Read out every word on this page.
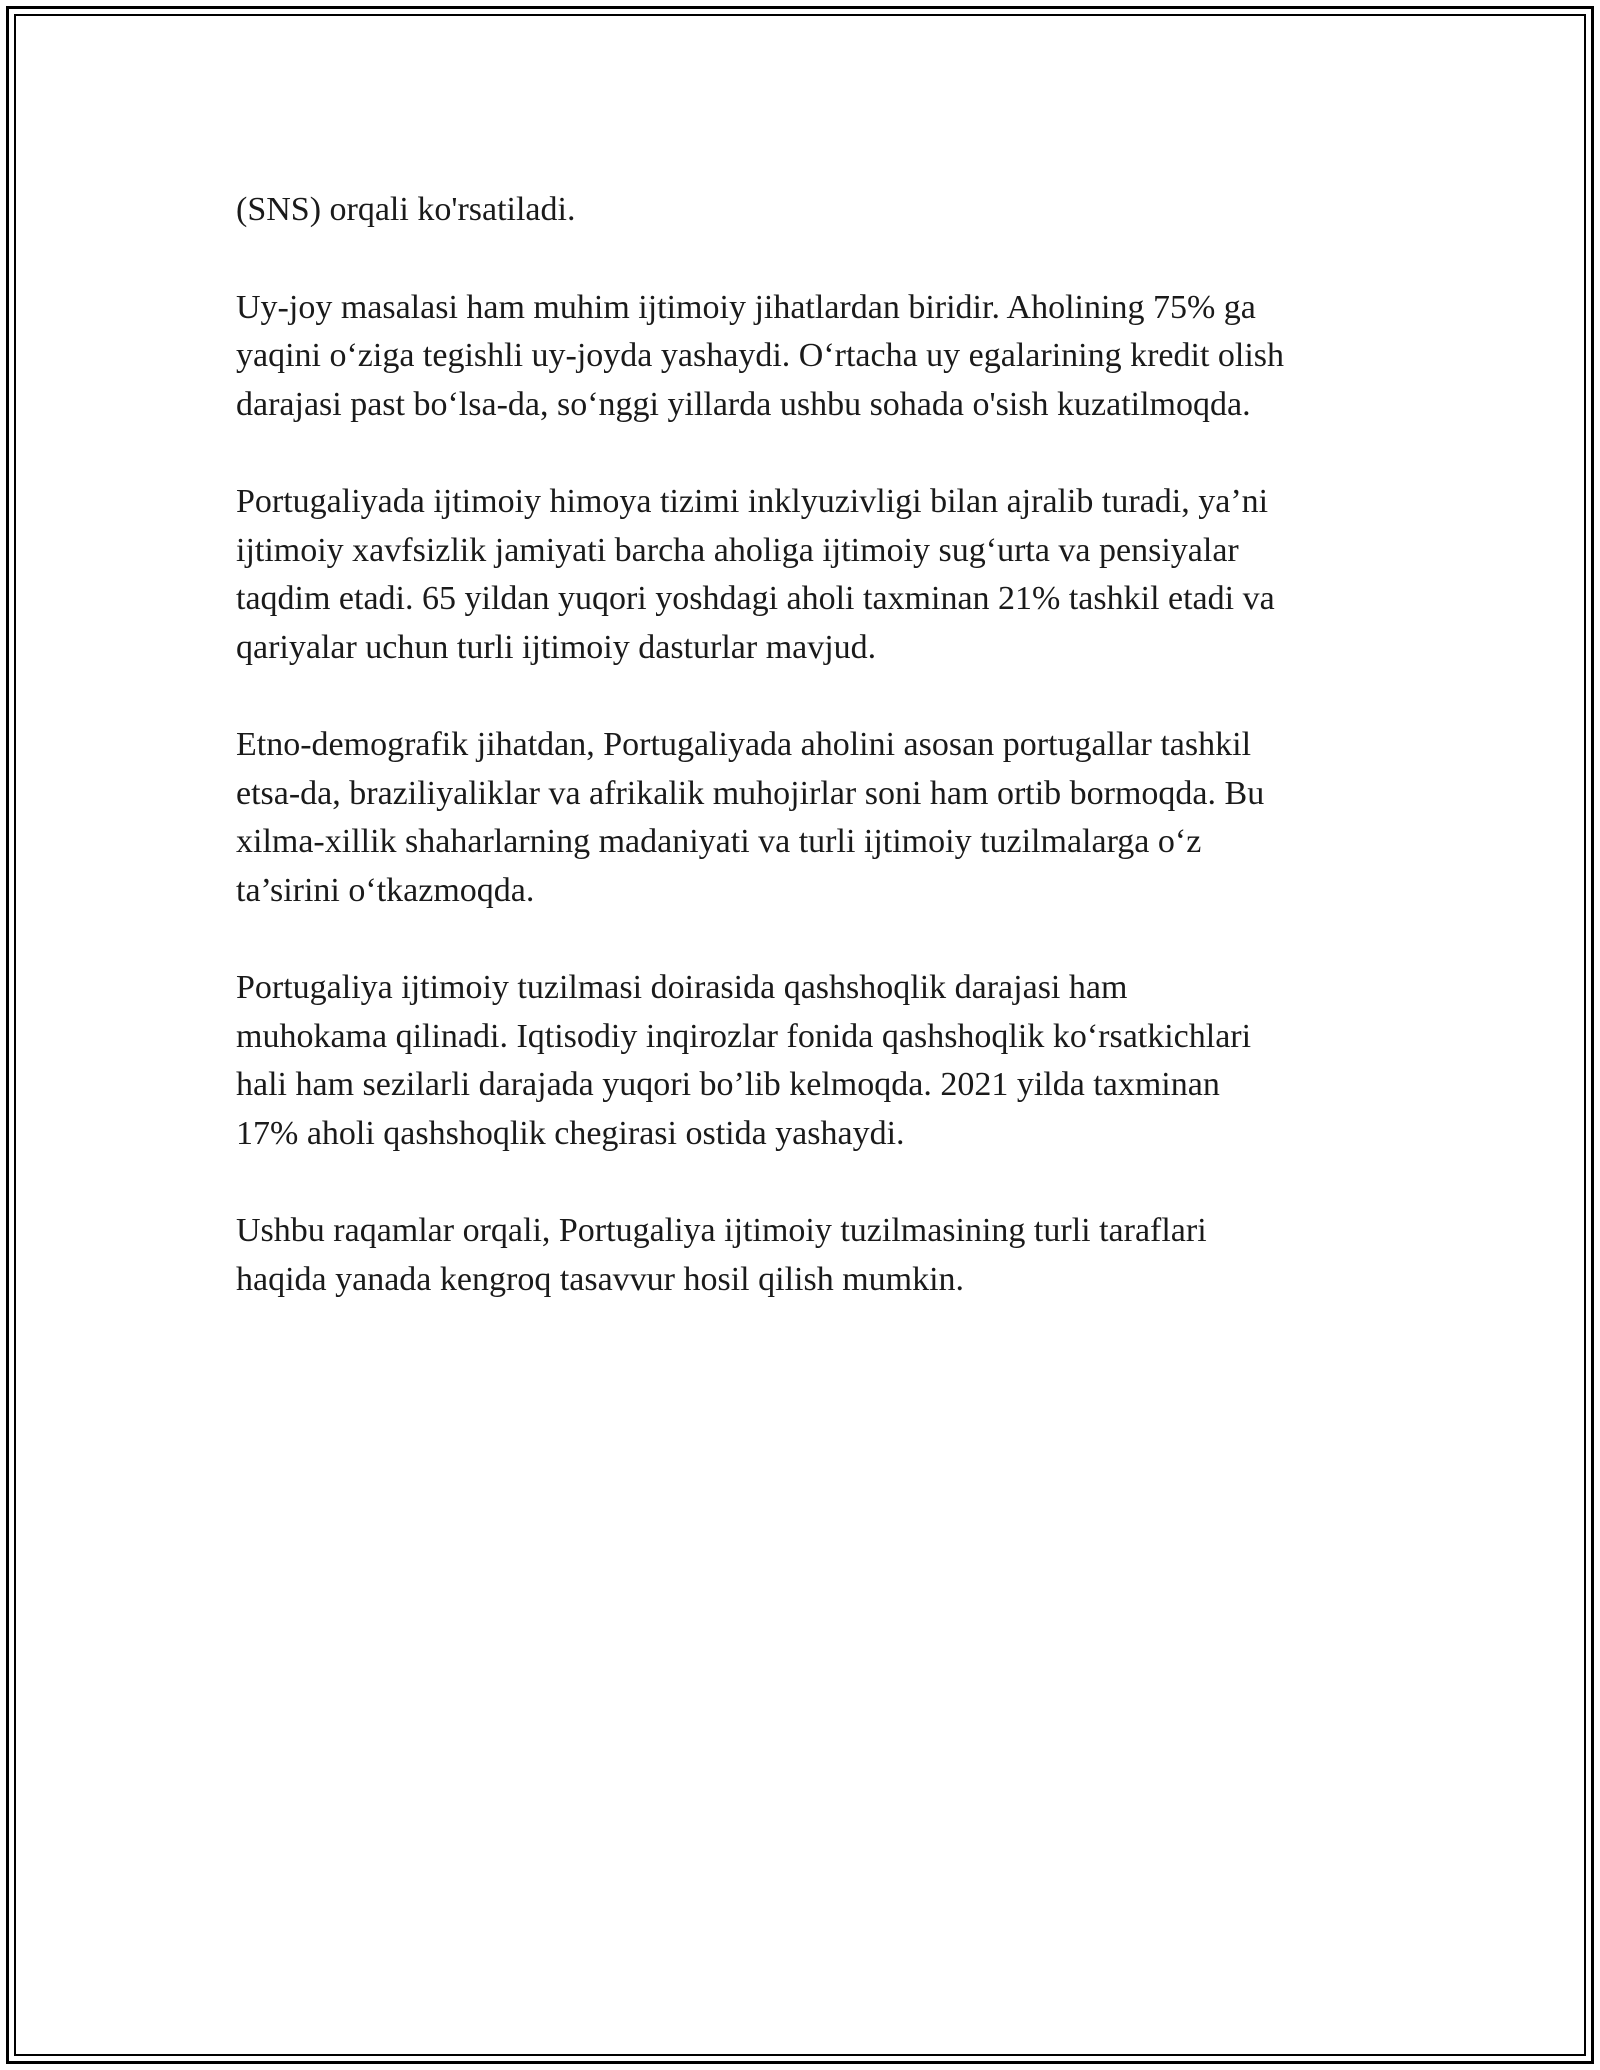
(SNS) orqali ko'rsatiladi.

Uy-joy masalasi ham muhim ijtimoiy jihatlardan biridir. Aholining 75% ga
yaqini o‘ziga tegishli uy-joyda yashaydi. O‘rtacha uy egalarining kredit olish
darajasi past bo‘lsa-da, so‘nggi yillarda ushbu sohada o'sish kuzatilmoqda.

Portugaliyada ijtimoiy himoya tizimi inklyuzivligi bilan ajralib turadi, ya’ni
ijtimoiy xavfsizlik jamiyati barcha aholiga ijtimoiy sug‘urta va pensiyalar
taqdim etadi. 65 yildan yuqori yoshdagi aholi taxminan 21% tashkil etadi va
qariyalar uchun turli ijtimoiy dasturlar mavjud.

Etno-demografik jihatdan, Portugaliyada aholini asosan portugallar tashkil
etsa-da, braziliyaliklar va afrikalik muhojirlar soni ham ortib bormoqda. Bu
xilma-xillik shaharlarning madaniyati va turli ijtimoiy tuzilmalarga o‘z
ta’sirini o‘tkazmoqda.

Portugaliya ijtimoiy tuzilmasi doirasida qashshoqlik darajasi ham
muhokama qilinadi. Iqtisodiy inqirozlar fonida qashshoqlik ko‘rsatkichlari
hali ham sezilarli darajada yuqori bo’lib kelmoqda. 2021 yilda taxminan
17% aholi qashshoqlik chegirasi ostida yashaydi.

Ushbu raqamlar orqali, Portugaliya ijtimoiy tuzilmasining turli taraflari
haqida yanada kengroq tasavvur hosil qilish mumkin.
